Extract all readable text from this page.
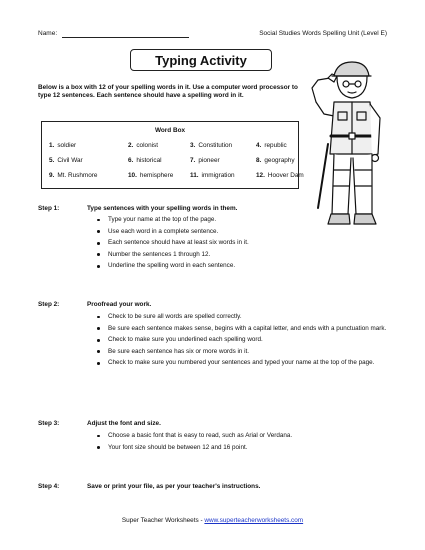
Name:	Social Studies Words Spelling Unit (Level E)
Typing Activity
Below is a box with 12 of your spelling words in it. Use a computer word processor to type 12 sentences. Each sentence should have a spelling word in it.
Word Box
1. soldier	2. colonist	3. Constitution	4. republic
5. Civil War	6. historical	7. pioneer	8. geography
9. Mt. Rushmore	10. hemisphere	11. immigration	12. Hoover Dam
Step 1:	Type sentences with your spelling words in them.
Type your name at the top of the page.
Use each word in a complete sentence.
Each sentence should have at least six words in it.
Number the sentences 1 through 12.
Underline the spelling word in each sentence.
Step 2:	Proofread your work.
Check to be sure all words are spelled correctly.
Be sure each sentence makes sense, begins with a capital letter, and ends with a punctuation mark.
Check to make sure you underlined each spelling word.
Be sure each sentence has six or more words in it.
Check to make sure you numbered your sentences and typed your name at the top of the page.
Step 3:	Adjust the font and size.
Choose a basic font that is easy to read, such as Arial or Verdana.
Your font size should be between 12 and 16 point.
Step 4:	Save or print your file, as per your teacher's instructions.
Super Teacher Worksheets - www.superteacherworksheets.com
